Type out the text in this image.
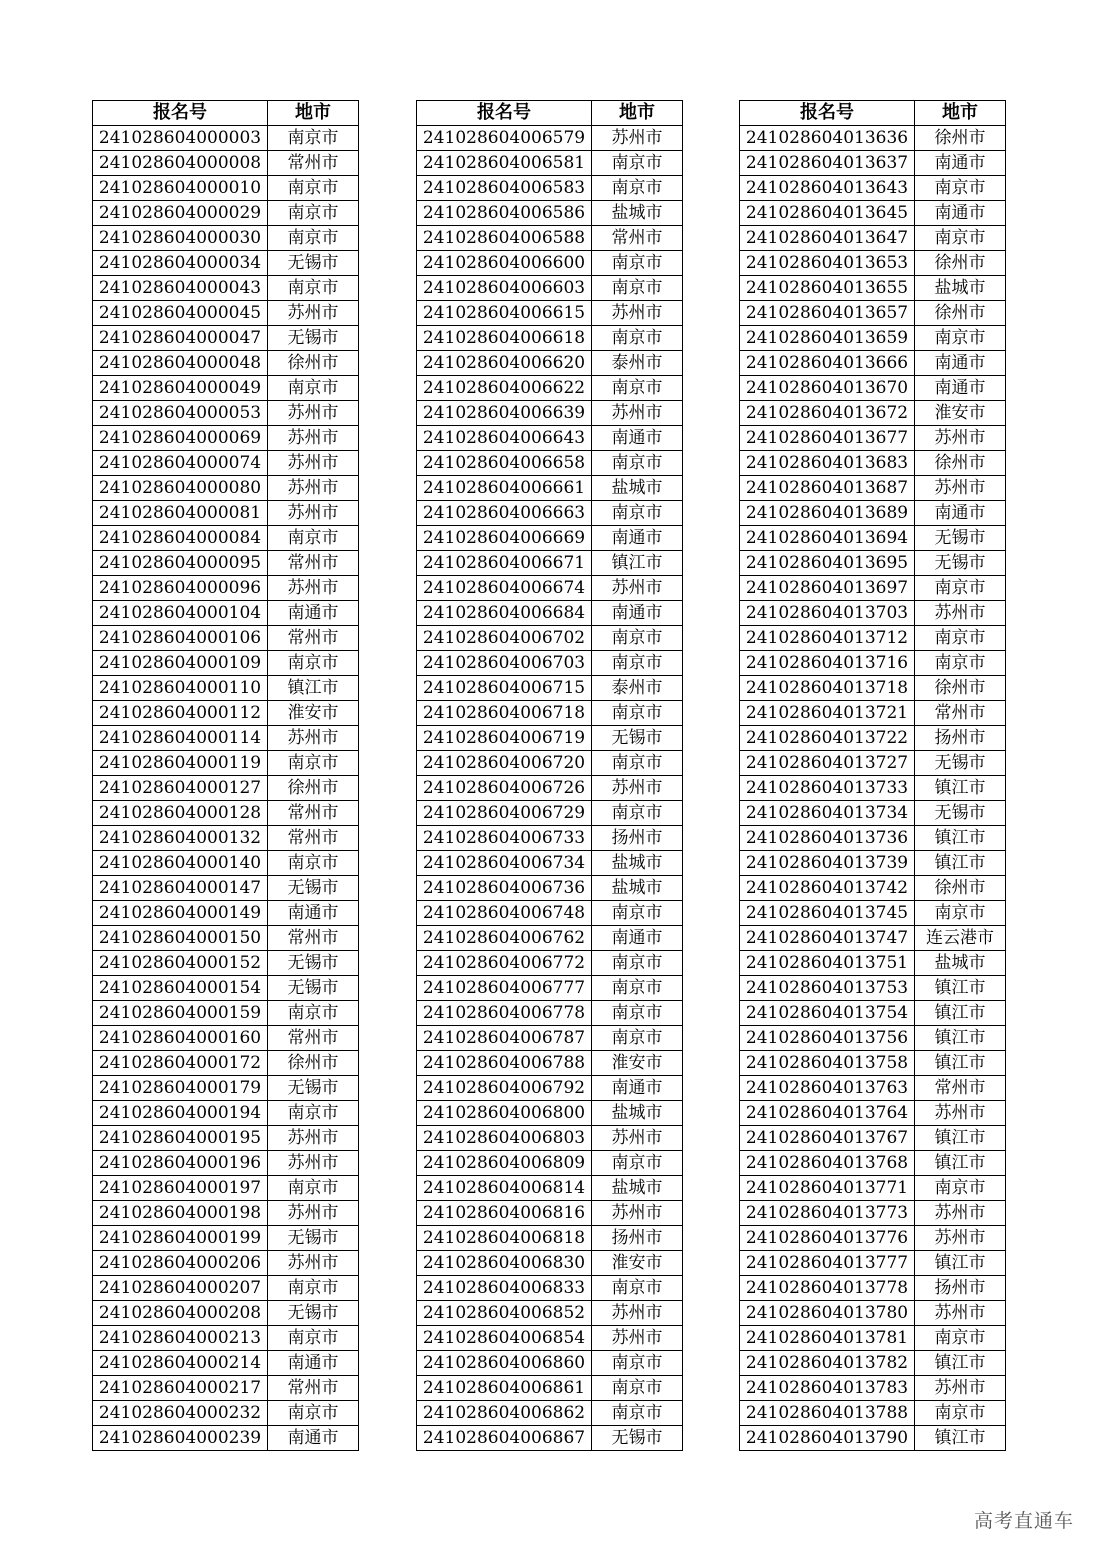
报名号	地市
241028604000003	南京市
241028604000008	常州市
241028604000010	南京市
241028604000029	南京市
241028604000030	南京市
241028604000034	无锡市
241028604000043	南京市
241028604000045	苏州市
241028604000047	无锡市
241028604000048	徐州市
241028604000049	南京市
241028604000053	苏州市
241028604000069	苏州市
241028604000074	苏州市
241028604000080	苏州市
241028604000081	苏州市
241028604000084	南京市
241028604000095	常州市
241028604000096	苏州市
241028604000104	南通市
241028604000106	常州市
241028604000109	南京市
241028604000110	镇江市
241028604000112	淮安市
241028604000114	苏州市
241028604000119	南京市
241028604000127	徐州市
241028604000128	常州市
241028604000132	常州市
241028604000140	南京市
241028604000147	无锡市
241028604000149	南通市
241028604000150	常州市
241028604000152	无锡市
241028604000154	无锡市
241028604000159	南京市
241028604000160	常州市
241028604000172	徐州市
241028604000179	无锡市
241028604000194	南京市
241028604000195	苏州市
241028604000196	苏州市
241028604000197	南京市
241028604000198	苏州市
241028604000199	无锡市
241028604000206	苏州市
241028604000207	南京市
241028604000208	无锡市
241028604000213	南京市
241028604000214	南通市
241028604000217	常州市
241028604000232	南京市
241028604000239	南通市
报名号	地市
241028604006579	苏州市
241028604006581	南京市
241028604006583	南京市
241028604006586	盐城市
241028604006588	常州市
241028604006600	南京市
241028604006603	南京市
241028604006615	苏州市
241028604006618	南京市
241028604006620	泰州市
241028604006622	南京市
241028604006639	苏州市
241028604006643	南通市
241028604006658	南京市
241028604006661	盐城市
241028604006663	南京市
241028604006669	南通市
241028604006671	镇江市
241028604006674	苏州市
241028604006684	南通市
241028604006702	南京市
241028604006703	南京市
241028604006715	泰州市
241028604006718	南京市
241028604006719	无锡市
241028604006720	南京市
241028604006726	苏州市
241028604006729	南京市
241028604006733	扬州市
241028604006734	盐城市
241028604006736	盐城市
241028604006748	南京市
241028604006762	南通市
241028604006772	南京市
241028604006777	南京市
241028604006778	南京市
241028604006787	南京市
241028604006788	淮安市
241028604006792	南通市
241028604006800	盐城市
241028604006803	苏州市
241028604006809	南京市
241028604006814	盐城市
241028604006816	苏州市
241028604006818	扬州市
241028604006830	淮安市
241028604006833	南京市
241028604006852	苏州市
241028604006854	苏州市
241028604006860	南京市
241028604006861	南京市
241028604006862	南京市
241028604006867	无锡市
报名号	地市
241028604013636	徐州市
241028604013637	南通市
241028604013643	南京市
241028604013645	南通市
241028604013647	南京市
241028604013653	徐州市
241028604013655	盐城市
241028604013657	徐州市
241028604013659	南京市
241028604013666	南通市
241028604013670	南通市
241028604013672	淮安市
241028604013677	苏州市
241028604013683	徐州市
241028604013687	苏州市
241028604013689	南通市
241028604013694	无锡市
241028604013695	无锡市
241028604013697	南京市
241028604013703	苏州市
241028604013712	南京市
241028604013716	南京市
241028604013718	徐州市
241028604013721	常州市
241028604013722	扬州市
241028604013727	无锡市
241028604013733	镇江市
241028604013734	无锡市
241028604013736	镇江市
241028604013739	镇江市
241028604013742	徐州市
241028604013745	南京市
241028604013747	连云港市
241028604013751	盐城市
241028604013753	镇江市
241028604013754	镇江市
241028604013756	镇江市
241028604013758	镇江市
241028604013763	常州市
241028604013764	苏州市
241028604013767	镇江市
241028604013768	镇江市
241028604013771	南京市
241028604013773	苏州市
241028604013776	苏州市
241028604013777	镇江市
241028604013778	扬州市
241028604013780	苏州市
241028604013781	南京市
241028604013782	镇江市
241028604013783	苏州市
241028604013788	南京市
241028604013790	镇江市
高考直通车
